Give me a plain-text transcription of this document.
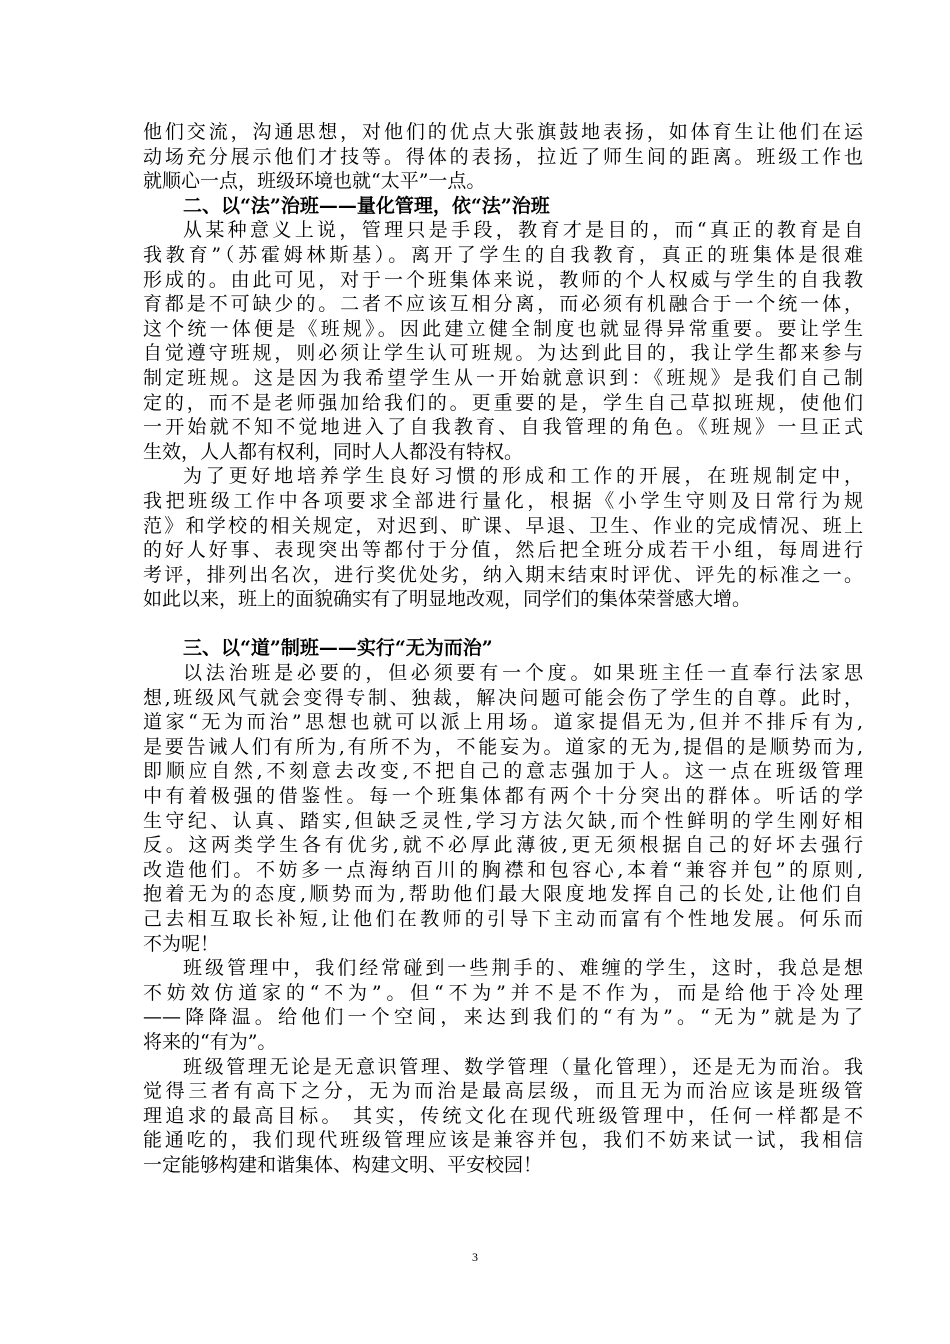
他们交流，沟通思想，对他们的优点大张旗鼓地表扬，如体育生让他们在运
动场充分展示他们才技等。得体的表扬，拉近了师生间的距离。班级工作也
就顺心一点，班级环境也就“太平”一点。
二、以“法”治班——量化管理，依“法”治班
从某种意义上说，管理只是手段，教育才是目的，而“真正的教育是自
我教育”（苏霍姆林斯基）。离开了学生的自我教育，真正的班集体是很难
形成的。由此可见，对于一个班集体来说，教师的个人权威与学生的自我教
育都是不可缺少的。二者不应该互相分离，而必须有机融合于一个统一体，
这个统一体便是《班规》。因此建立健全制度也就显得异常重要。要让学生
自觉遵守班规，则必须让学生认可班规。为达到此目的，我让学生都来参与
制定班规。这是因为我希望学生从一开始就意识到：《班规》是我们自己制
定的，而不是老师强加给我们的。更重要的是，学生自己草拟班规，使他们
一开始就不知不觉地进入了自我教育、自我管理的角色。《班规》一旦正式
生效，人人都有权利，同时人人都没有特权。
为了更好地培养学生良好习惯的形成和工作的开展，在班规制定中，
我把班级工作中各项要求全部进行量化，根据《小学生守则及日常行为规
范》和学校的相关规定，对迟到、旷课、早退、卫生、作业的完成情况、班上
的好人好事、表现突出等都付于分值，然后把全班分成若干小组，每周进行
考评，排列出名次，进行奖优处劣，纳入期末结束时评优、评先的标准之一。
如此以来，班上的面貌确实有了明显地改观，同学们的集体荣誉感大增。
三、以“道”制班——实行“无为而治”
以法治班是必要的，但必须要有一个度。如果班主任一直奉行法家思
想,班级风气就会变得专制、独裁，解决问题可能会伤了学生的自尊。此时，
道家“无为而治”思想也就可以派上用场。道家提倡无为,但并不排斥有为,
是要告诫人们有所为,有所不为，不能妄为。道家的无为,提倡的是顺势而为,
即顺应自然,不刻意去改变,不把自己的意志强加于人。这一点在班级管理
中有着极强的借鉴性。每一个班集体都有两个十分突出的群体。听话的学
生守纪、认真、踏实,但缺乏灵性,学习方法欠缺,而个性鲜明的学生刚好相
反。这两类学生各有优劣,就不必厚此薄彼,更无须根据自己的好坏去强行
改造他们。不妨多一点海纳百川的胸襟和包容心,本着“兼容并包”的原则,
抱着无为的态度,顺势而为,帮助他们最大限度地发挥自己的长处,让他们自
己去相互取长补短,让他们在教师的引导下主动而富有个性地发展。何乐而
不为呢！
班级管理中，我们经常碰到一些荆手的、难缠的学生，这时，我总是想
不妨效仿道家的“不为”。但“不为”并不是不作为，而是给他于冷处理
——降降温。给他们一个空间，来达到我们的“有为”。“无为”就是为了
将来的“有为”。
班级管理无论是无意识管理、数学管理（量化管理），还是无为而治。我
觉得三者有高下之分，无为而治是最高层级，而且无为而治应该是班级管
理追求的最高目标。 其实，传统文化在现代班级管理中，任何一样都是不
能通吃的，我们现代班级管理应该是兼容并包，我们不妨来试一试，我相信
一定能够构建和谐集体、构建文明、平安校园！
3
